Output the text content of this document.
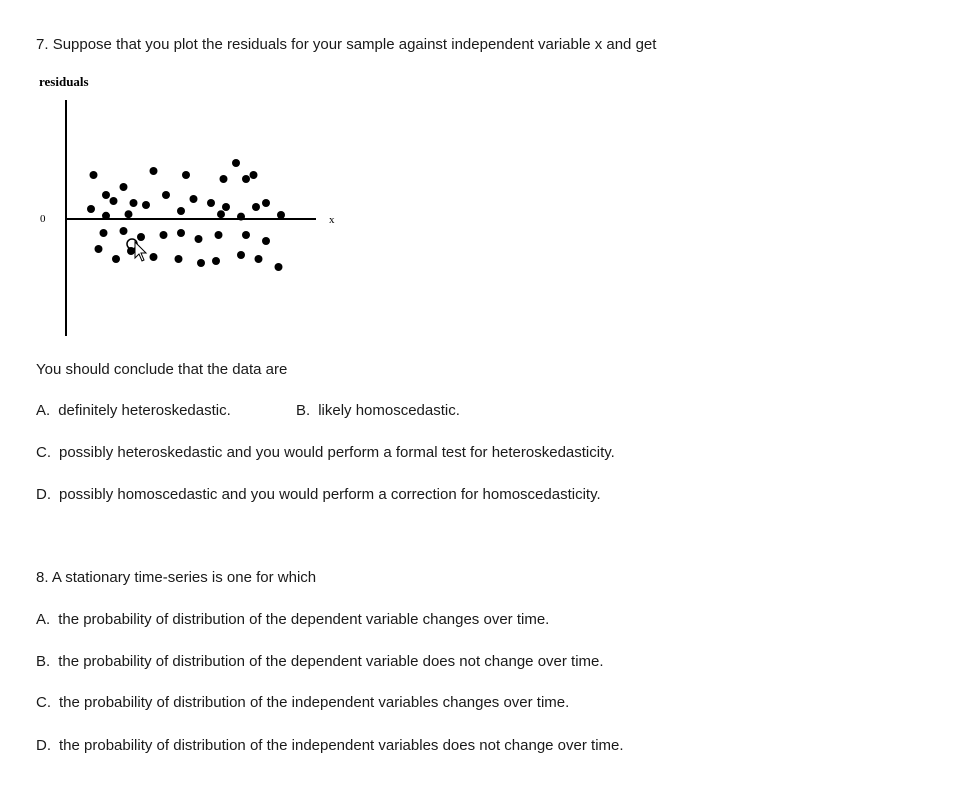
7. Suppose that you plot the residuals for your sample against independent variable x and get
residuals
0	x
You should conclude that the data are
A. definitely heteroskedastic.	B. likely homoscedastic.
C. possibly heteroskedastic and you would perform a formal test for heteroskedasticity.
D. possibly homoscedastic and you would perform a correction for homoscedasticity.
8. A stationary time-series is one for which
A. the probability of distribution of the dependent variable changes over time.
B. the probability of distribution of the dependent variable does not change over time.
C. the probability of distribution of the independent variables changes over time.
D. the probability of distribution of the independent variables does not change over time.
